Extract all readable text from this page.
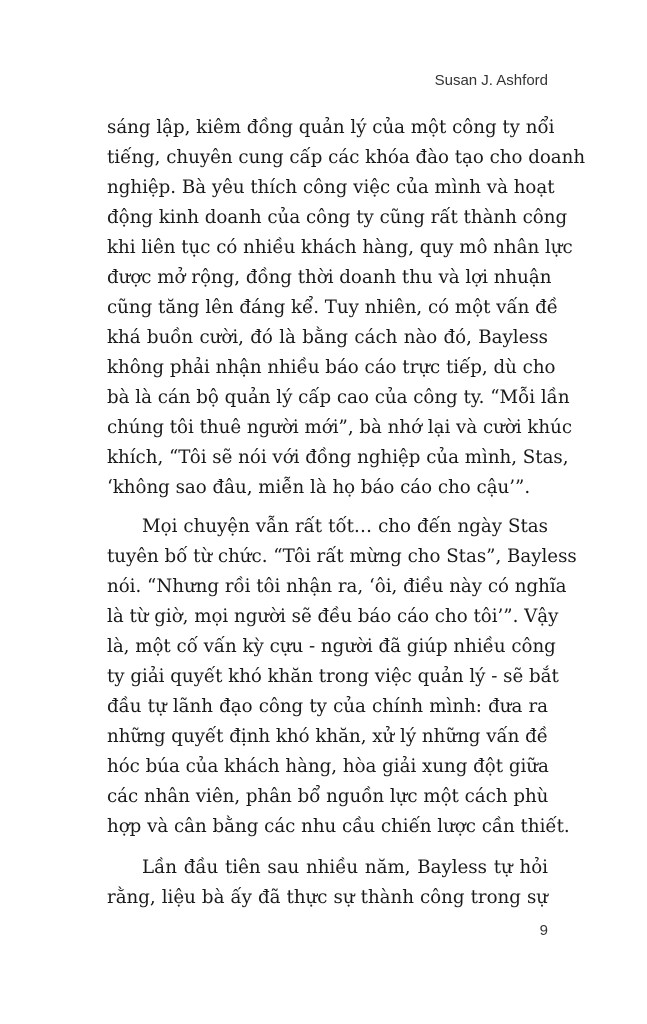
Susan J. Ashford
sáng lập, kiêm đồng quản lý của một công ty nổi
tiếng, chuyên cung cấp các khóa đào tạo cho doanh
nghiệp. Bà yêu thích công việc của mình và hoạt
động kinh doanh của công ty cũng rất thành công
khi liên tục có nhiều khách hàng, quy mô nhân lực
được mở rộng, đồng thời doanh thu và lợi nhuận
cũng tăng lên đáng kể. Tuy nhiên, có một vấn đề
khá buồn cười, đó là bằng cách nào đó, Bayless
không phải nhận nhiều báo cáo trực tiếp, dù cho
bà là cán bộ quản lý cấp cao của công ty. “Mỗi lần
chúng tôi thuê người mới”, bà nhớ lại và cười khúc
khích, “Tôi sẽ nói với đồng nghiệp của mình, Stas,
‘không sao đâu, miễn là họ báo cáo cho cậu’”.
Mọi chuyện vẫn rất tốt… cho đến ngày Stas
tuyên bố từ chức. “Tôi rất mừng cho Stas”, Bayless
nói. “Nhưng rồi tôi nhận ra, ‘ôi, điều này có nghĩa
là từ giờ, mọi người sẽ đều báo cáo cho tôi’”. Vậy
là, một cố vấn kỳ cựu - người đã giúp nhiều công
ty giải quyết khó khăn trong việc quản lý - sẽ bắt
đầu tự lãnh đạo công ty của chính mình: đưa ra
những quyết định khó khăn, xử lý những vấn đề
hóc búa của khách hàng, hòa giải xung đột giữa
các nhân viên, phân bổ nguồn lực một cách phù
hợp và cân bằng các nhu cầu chiến lược cần thiết.
Lần đầu tiên sau nhiều năm, Bayless tự hỏi
rằng, liệu bà ấy đã thực sự thành công trong sự
9
